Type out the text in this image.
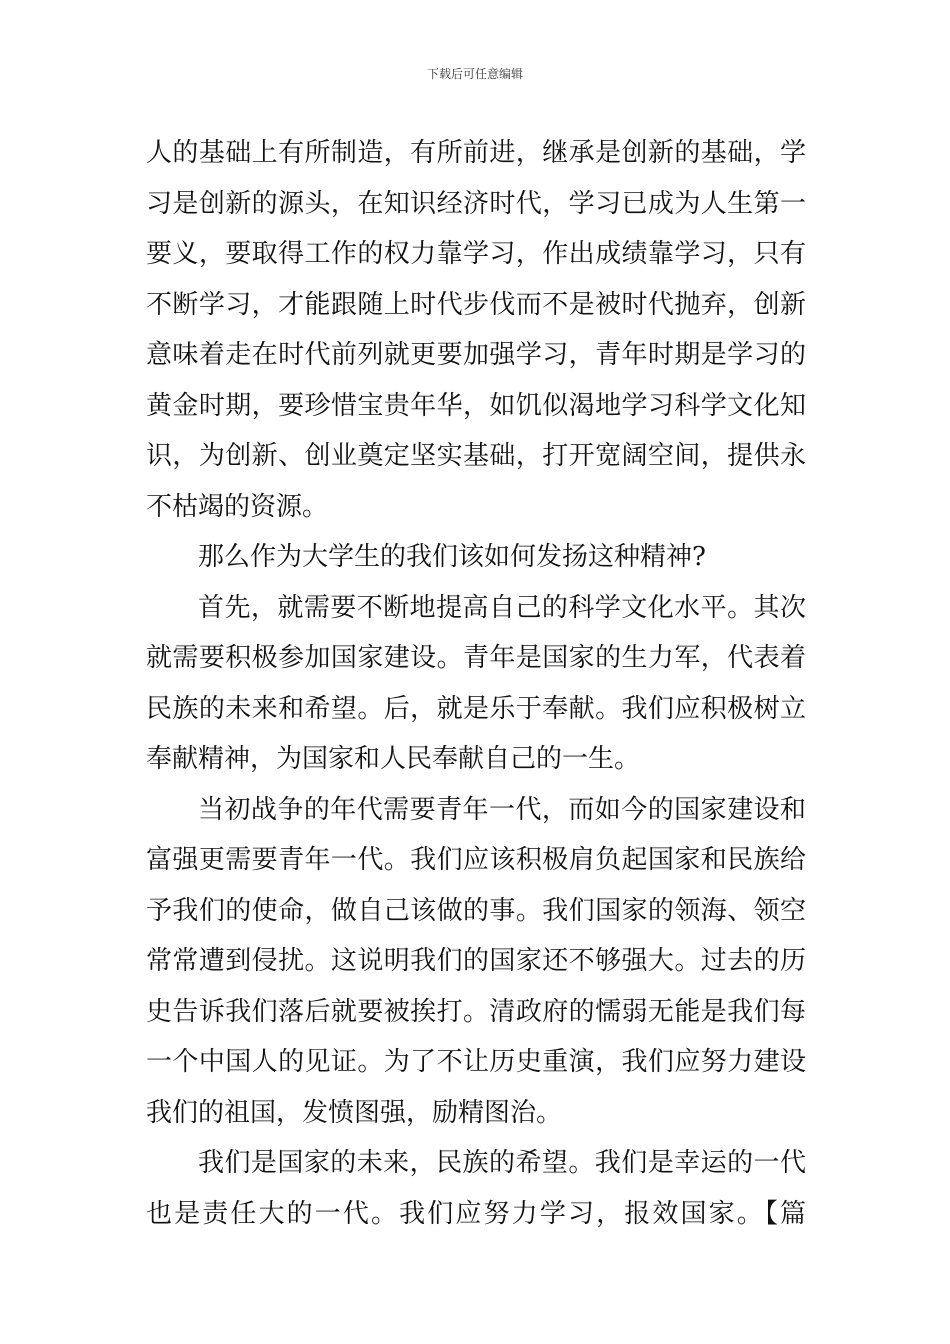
下载后可任意编辑
人的基础上有所制造，有所前进，继承是创新的基础，学
习是创新的源头，在知识经济时代，学习已成为人生第一
要义，要取得工作的权力靠学习，作出成绩靠学习，只有
不断学习，才能跟随上时代步伐而不是被时代抛弃，创新
意味着走在时代前列就更要加强学习，青年时期是学习的
黄金时期，要珍惜宝贵年华，如饥似渴地学习科学文化知
识，为创新、创业奠定坚实基础，打开宽阔空间，提供永
不枯竭的资源。
那么作为大学生的我们该如何发扬这种精神?
首先，就需要不断地提高自己的科学文化水平。其次
就需要积极参加国家建设。青年是国家的生力军，代表着
民族的未来和希望。后，就是乐于奉献。我们应积极树立
奉献精神，为国家和人民奉献自己的一生。
当初战争的年代需要青年一代，而如今的国家建设和
富强更需要青年一代。我们应该积极肩负起国家和民族给
予我们的使命，做自己该做的事。我们国家的领海、领空
常常遭到侵扰。这说明我们的国家还不够强大。过去的历
史告诉我们落后就要被挨打。清政府的懦弱无能是我们每
一个中国人的见证。为了不让历史重演，我们应努力建设
我们的祖国，发愤图强，励精图治。
我们是国家的未来，民族的希望。我们是幸运的一代
也是责任大的一代。我们应努力学习，报效国家。【篇
